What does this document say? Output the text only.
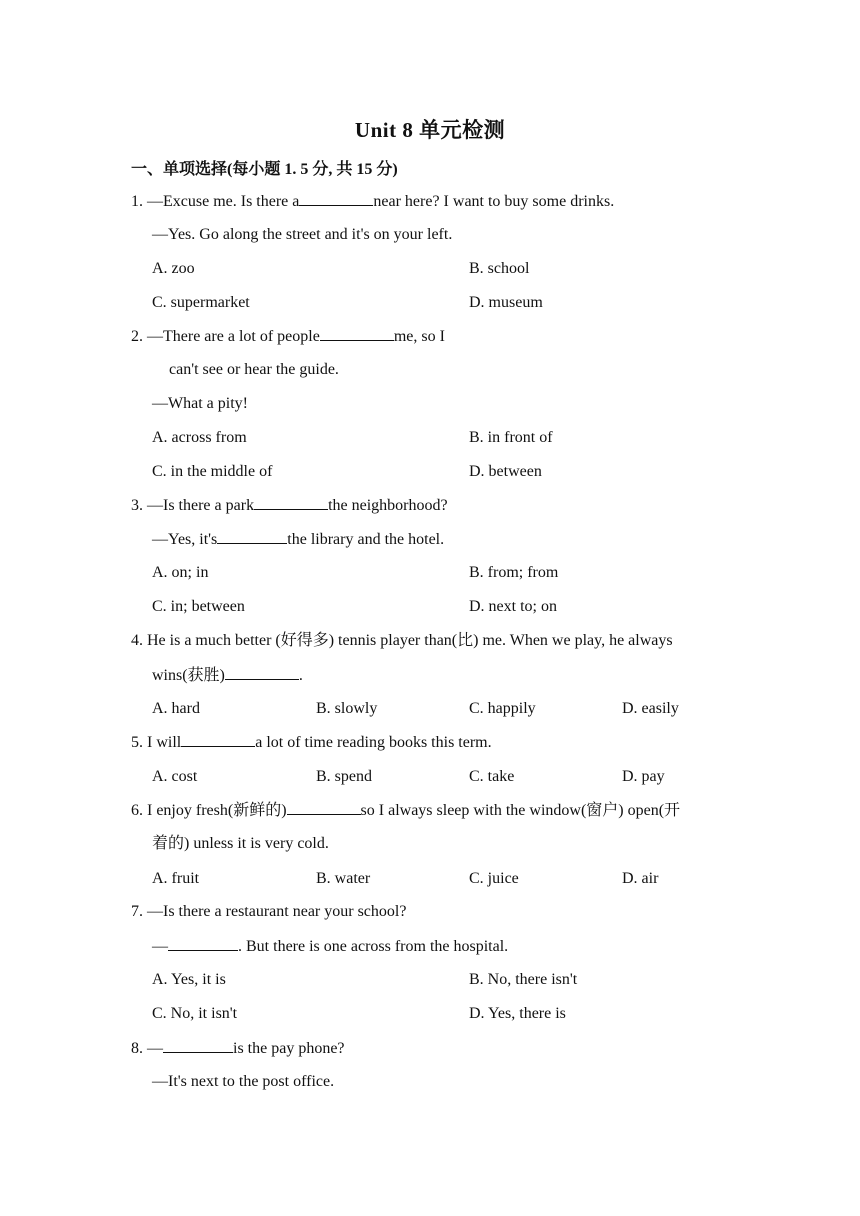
Unit 8 单元检测
一、单项选择(每小题 1. 5 分, 共 15 分)
1. —Excuse me. Is there a	near here? I want to buy some drinks.
—Yes. Go along the street and it's on your left.
A. zoo	B. school
C. supermarket	D. museum
2. —There are a lot of people	me, so I
can't see or hear the guide.
—What a pity!
A. across from	B. in front of
C. in the middle of	D. between
3. —Is there a park	the neighborhood?
—Yes, it's	the library and the hotel.
A. on; in	B. from; from
C. in; between	D. next to; on
4. He is a much better (好得多) tennis player than(比) me. When we play, he always
wins(获胜)	.
A. hard	B. slowly	C. happily	D. easily
5. I will	a lot of time reading books this term.
A. cost	B. spend	C. take	D. pay
6. I enjoy fresh(新鲜的)	so I always sleep with the window(窗户) open(开
着的) unless it is very cold.
A. fruit	B. water	C. juice	D. air
7. —Is there a restaurant near your school?
—	. But there is one across from the hospital.
A. Yes, it is	B. No, there isn't
C. No, it isn't	D. Yes, there is
8. —	is the pay phone?
—It's next to the post office.
